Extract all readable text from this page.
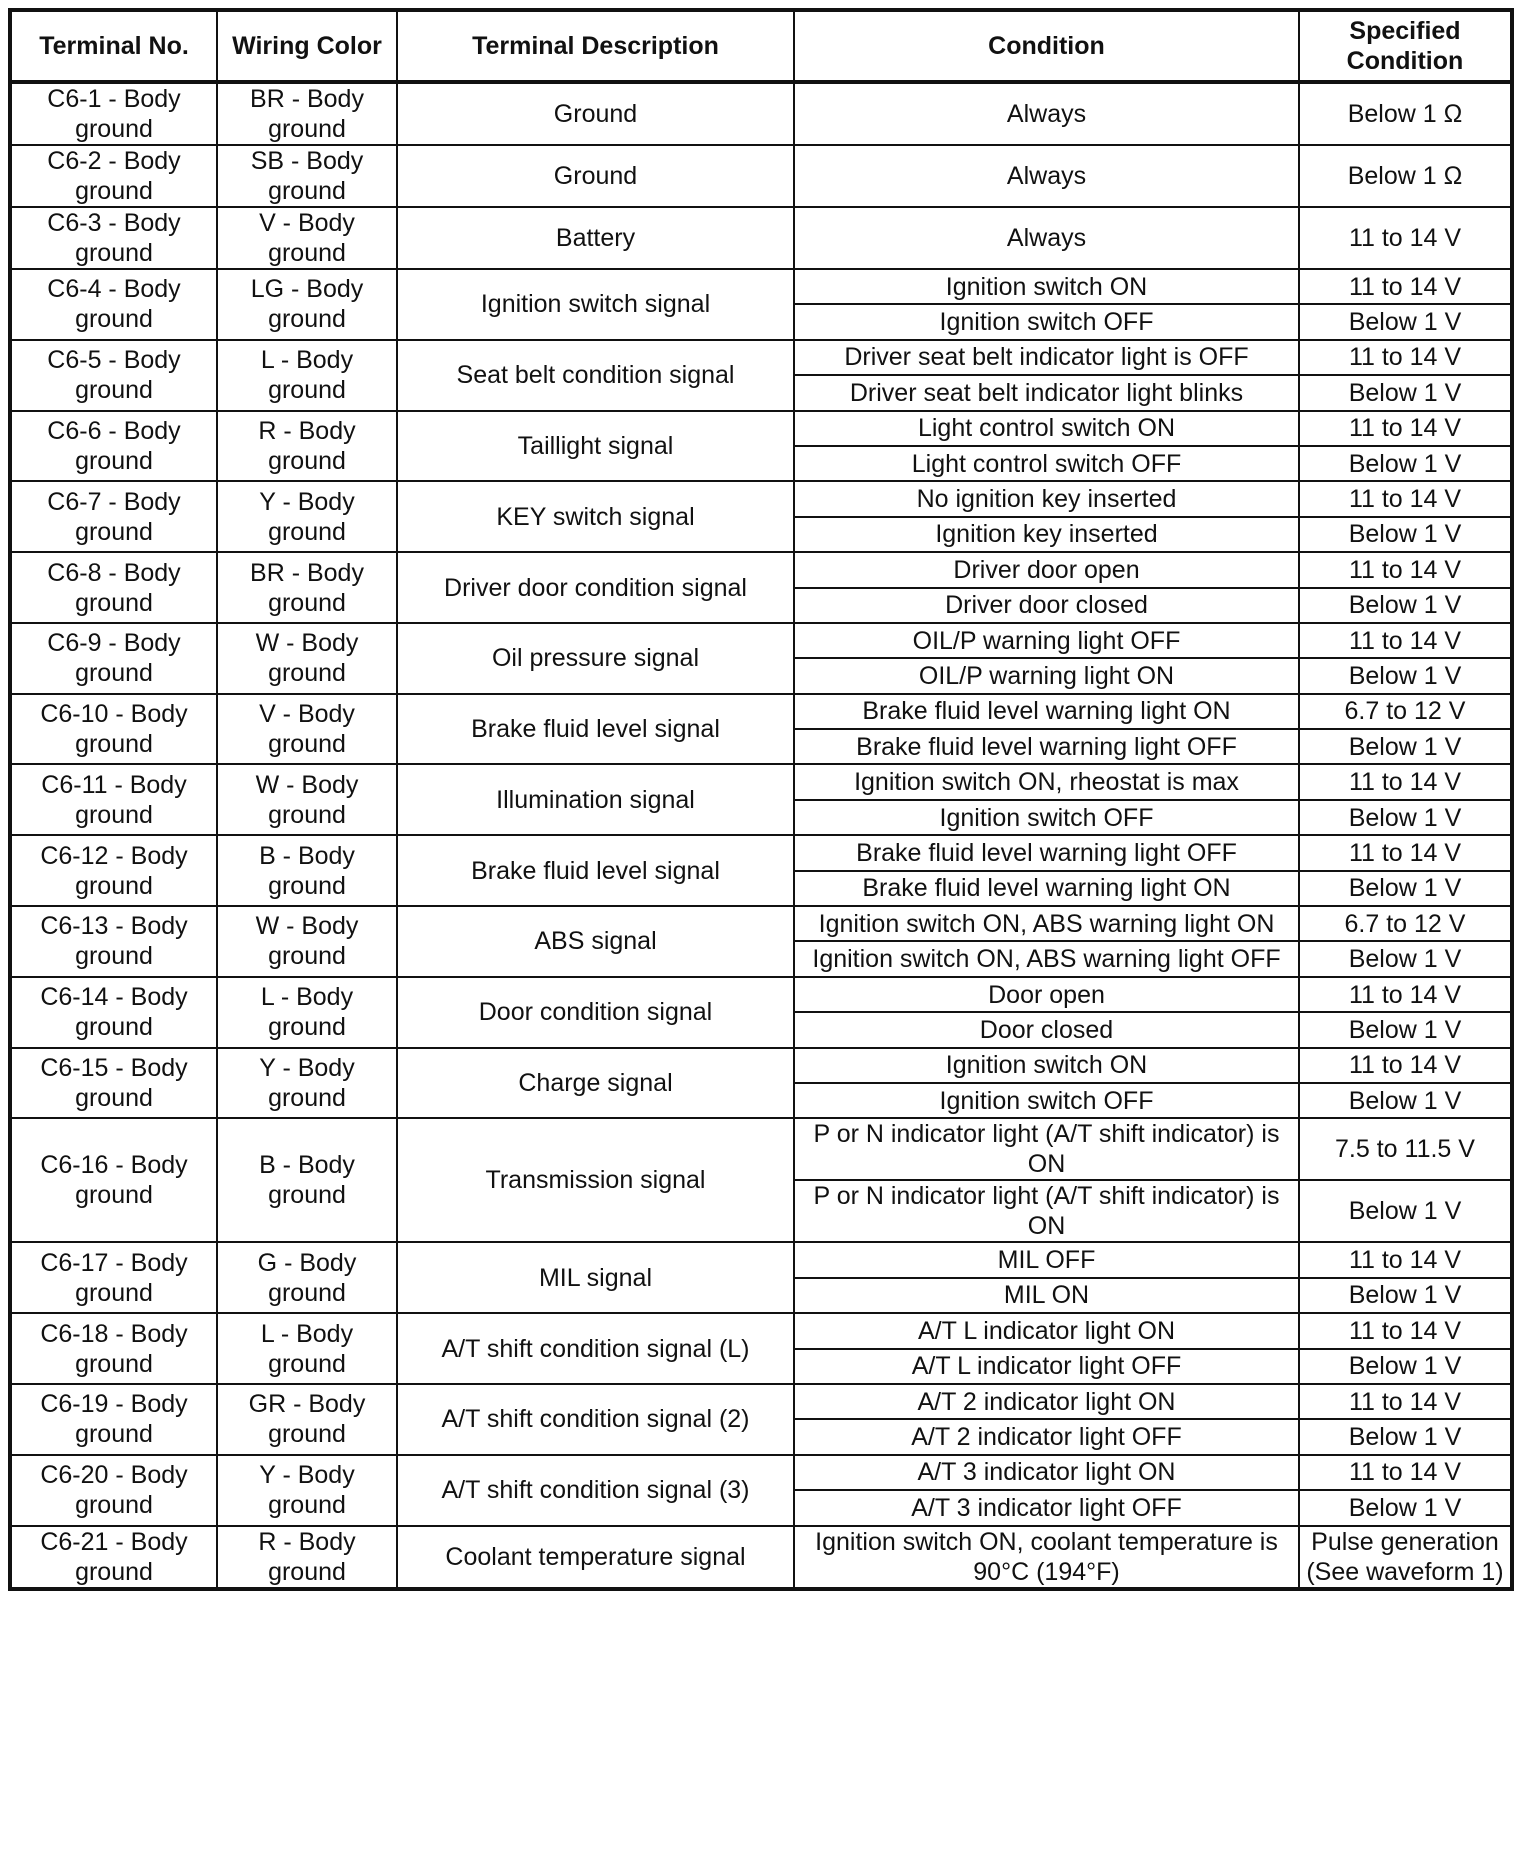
Terminal No.	Wiring Color	Terminal Description	Condition	Specified Condition
C6-1 - Body ground	BR - Body ground	Ground	Always	Below 1 Ω
C6-2 - Body ground	SB - Body ground	Ground	Always	Below 1 Ω
C6-3 - Body ground	V - Body ground	Battery	Always	11 to 14 V
C6-4 - Body ground	LG - Body ground	Ignition switch signal	Ignition switch ON	11 to 14 V
			Ignition switch OFF	Below 1 V
C6-5 - Body ground	L - Body ground	Seat belt condition signal	Driver seat belt indicator light is OFF	11 to 14 V
			Driver seat belt indicator light blinks	Below 1 V
C6-6 - Body ground	R - Body ground	Taillight signal	Light control switch ON	11 to 14 V
			Light control switch OFF	Below 1 V
C6-7 - Body ground	Y - Body ground	KEY switch signal	No ignition key inserted	11 to 14 V
			Ignition key inserted	Below 1 V
C6-8 - Body ground	BR - Body ground	Driver door condition signal	Driver door open	11 to 14 V
			Driver door closed	Below 1 V
C6-9 - Body ground	W - Body ground	Oil pressure signal	OIL/P warning light OFF	11 to 14 V
			OIL/P warning light ON	Below 1 V
C6-10 - Body ground	V - Body ground	Brake fluid level signal	Brake fluid level warning light ON	6.7 to 12 V
			Brake fluid level warning light OFF	Below 1 V
C6-11 - Body ground	W - Body ground	Illumination signal	Ignition switch ON, rheostat is max	11 to 14 V
			Ignition switch OFF	Below 1 V
C6-12 - Body ground	B - Body ground	Brake fluid level signal	Brake fluid level warning light OFF	11 to 14 V
			Brake fluid level warning light ON	Below 1 V
C6-13 - Body ground	W - Body ground	ABS signal	Ignition switch ON, ABS warning light ON	6.7 to 12 V
			Ignition switch ON, ABS warning light OFF	Below 1 V
C6-14 - Body ground	L - Body ground	Door condition signal	Door open	11 to 14 V
			Door closed	Below 1 V
C6-15 - Body ground	Y - Body ground	Charge signal	Ignition switch ON	11 to 14 V
			Ignition switch OFF	Below 1 V
C6-16 - Body ground	B - Body ground	Transmission signal	P or N indicator light (A/T shift indicator) is ON	7.5 to 11.5 V
			P or N indicator light (A/T shift indicator) is ON	Below 1 V
C6-17 - Body ground	G - Body ground	MIL signal	MIL OFF	11 to 14 V
			MIL ON	Below 1 V
C6-18 - Body ground	L - Body ground	A/T shift condition signal (L)	A/T L indicator light ON	11 to 14 V
			A/T L indicator light OFF	Below 1 V
C6-19 - Body ground	GR - Body ground	A/T shift condition signal (2)	A/T 2 indicator light ON	11 to 14 V
			A/T 2 indicator light OFF	Below 1 V
C6-20 - Body ground	Y - Body ground	A/T shift condition signal (3)	A/T 3 indicator light ON	11 to 14 V
			A/T 3 indicator light OFF	Below 1 V
C6-21 - Body ground	R - Body ground	Coolant temperature signal	Ignition switch ON, coolant temperature is 90°C (194°F)	Pulse generation (See waveform 1)
